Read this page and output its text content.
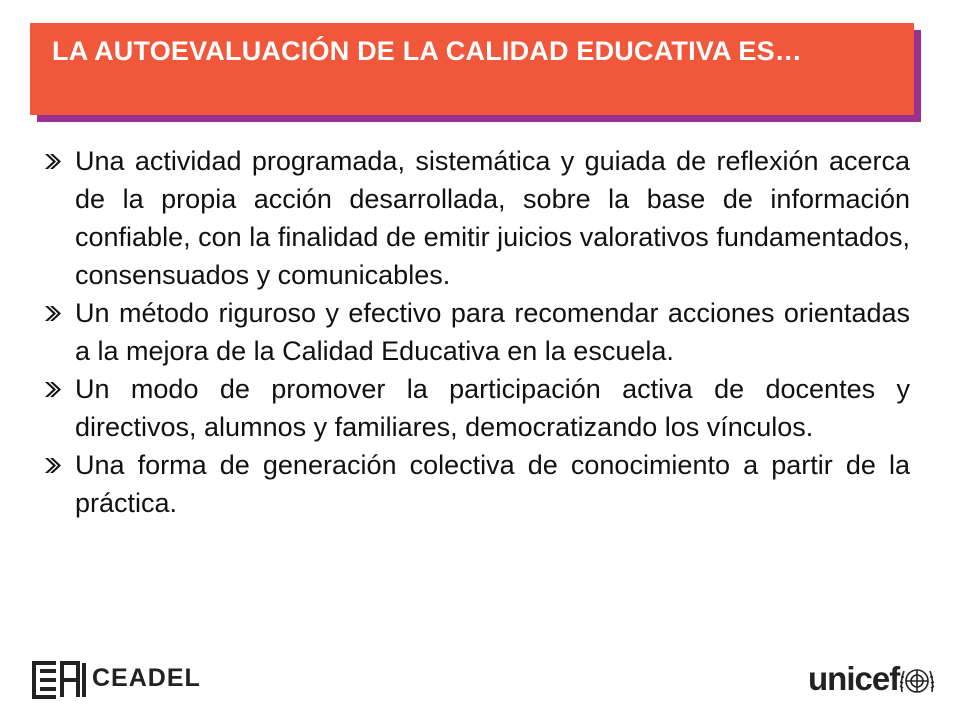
LA AUTOEVALUACIÓN DE LA CALIDAD EDUCATIVA ES…
Una actividad programada, sistemática y guiada de reflexión acerca de la propia acción desarrollada, sobre la base de información confiable, con la finalidad de emitir juicios valorativos fundamentados, consensuados y comunicables.
Un método riguroso y efectivo para recomendar acciones orientadas a la mejora de la Calidad Educativa en la escuela.
Un modo de promover la participación activa de docentes y directivos, alumnos y familiares, democratizando los vínculos.
Una forma de generación colectiva de conocimiento a partir de la práctica.
CEADEL	unicef
